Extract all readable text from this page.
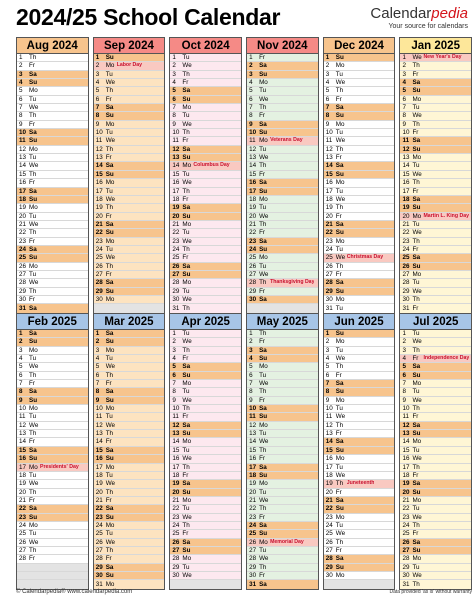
2024/25 School Calendar	Calendarpedia
Your source for calendars
Aug 2024
1	Th
2	Fr
3	Sa
4	Su
5	Mo
6	Tu
7	We
8	Th
9	Fr
10 Sa
11 Su
12 Mo
13 Tu
14 We
15 Th
16 Fr
17 Sa
18 Su
19 Mo
20 Tu
21 We
22 Th
23 Fr
24 Sa
25 Su
26 Mo
27 Tu
28 We
29 Th
30 Fr
31 Sa
Sep 2024
1	Su
2	Mo Labor Day
3	Tu
4	We
5	Th
6	Fr
7	Sa
8	Su
9	Mo
10 Tu
11 We
12 Th
13 Fr
14 Sa
15 Su
16 Mo
17 Tu
18 We
19 Th
20 Fr
21 Sa
22 Su
23 Mo
24 Tu
25 We
26 Th
27 Fr
28 Sa
29 Su
30 Mo
Oct 2024
1	Tu
2	We
3	Th
4	Fr
5	Sa
6	Su
7	Mo
8	Tu
9	We
10 Th
11 Fr
12 Sa
13 Su
14 Mo Columbus Day
15 Tu
16 We
17 Th
18 Fr
19 Sa
20 Su
21 Mo
22 Tu
23 We
24 Th
25 Fr
26 Sa
27 Su
28 Mo
29 Tu
30 We
31 Th
Nov 2024
1	Fr
2	Sa
3	Su
4	Mo
5	Tu
6	We
7	Th
8	Fr
9	Sa
10 Su
11 Mo Veterans Day
12 Tu
13 We
14 Th
15 Fr
16 Sa
17 Su
18 Mo
19 Tu
20 We
21 Th
22 Fr
23 Sa
24 Su
25 Mo
26 Tu
27 We
28 Th Thanksgiving Day
29 Fr
30 Sa
Dec 2024
1	Su
2	Mo
3	Tu
4	We
5	Th
6	Fr
7	Sa
8	Su
9	Mo
10 Tu
11 We
12 Th
13 Fr
14 Sa
15 Su
16 Mo
17 Tu
18 We
19 Th
20 Fr
21 Sa
22 Su
23 Mo
24 Tu
25 We Christmas Day
26 Th
27 Fr
28 Sa
29 Su
30 Mo
31 Tu
Jan 2025
1	We New Year's Day
2	Th
3	Fr
4	Sa
5	Su
6	Mo
7	Tu
8	We
9	Th
10 Fr
11 Sa
12 Su
13 Mo
14 Tu
15 We
16 Th
17 Fr
18 Sa
19 Su
20 Mo Martin L. King Day
21 Tu
22 We
23 Th
24 Fr
25 Sa
26 Su
27 Mo
28 Tu
29 We
30 Th
31 Fr
Feb 2025
1	Sa
2	Su
3	Mo
4	Tu
5	We
6	Th
7	Fr
8	Sa
9	Su
10 Mo
11 Tu
12 We
13 Th
14 Fr
15 Sa
16 Su
17 Mo Presidents' Day
18 Tu
19 We
20 Th
21 Fr
22 Sa
23 Su
24 Mo
25 Tu
26 We
27 Th
28 Fr
Mar 2025
1	Sa
2	Su
3	Mo
4	Tu
5	We
6	Th
7	Fr
8	Sa
9	Su
10 Mo
11 Tu
12 We
13 Th
14 Fr
15 Sa
16 Su
17 Mo
18 Tu
19 We
20 Th
21 Fr
22 Sa
23 Su
24 Mo
25 Tu
26 We
27 Th
28 Fr
29 Sa
30 Su
31 Mo
Apr 2025
1	Tu
2	We
3	Th
4	Fr
5	Sa
6	Su
7	Mo
8	Tu
9	We
10 Th
11 Fr
12 Sa
13 Su
14 Mo
15 Tu
16 We
17 Th
18 Fr
19 Sa
20 Su
21 Mo
22 Tu
23 We
24 Th
25 Fr
26 Sa
27 Su
28 Mo
29 Tu
30 We
May 2025
1	Th
2	Fr
3	Sa
4	Su
5	Mo
6	Tu
7	We
8	Th
9	Fr
10 Sa
11 Su
12 Mo
13 Tu
14 We
15 Th
16 Fr
17 Sa
18 Su
19 Mo
20 Tu
21 We
22 Th
23 Fr
24 Sa
25 Su
26 Mo Memorial Day
27 Tu
28 We
29 Th
30 Fr
31 Sa
Jun 2025
1	Su
2	Mo
3	Tu
4	We
5	Th
6	Fr
7	Sa
8	Su
9	Mo
10 Tu
11 We
12 Th
13 Fr
14 Sa
15 Su
16 Mo
17 Tu
18 We
19 Th Juneteenth
20 Fr
21 Sa
22 Su
23 Mo
24 Tu
25 We
26 Th
27 Fr
28 Sa
29 Su
30 Mo
Jul 2025
1	Tu
2	We
3	Th
4	Fr Independence Day
5	Sa
6	Su
7	Mo
8	Tu
9	We
10 Th
11 Fr
12 Sa
13 Su
14 Mo
15 Tu
16 We
17 Th
18 Fr
19 Sa
20 Su
21 Mo
22 Tu
23 We
24 Th
25 Fr
26 Sa
27 Su
28 Mo
29 Tu
30 We
31 Th
© Calendarpedia® www.calendarpedia.com	Data provided 'as is' without warranty
